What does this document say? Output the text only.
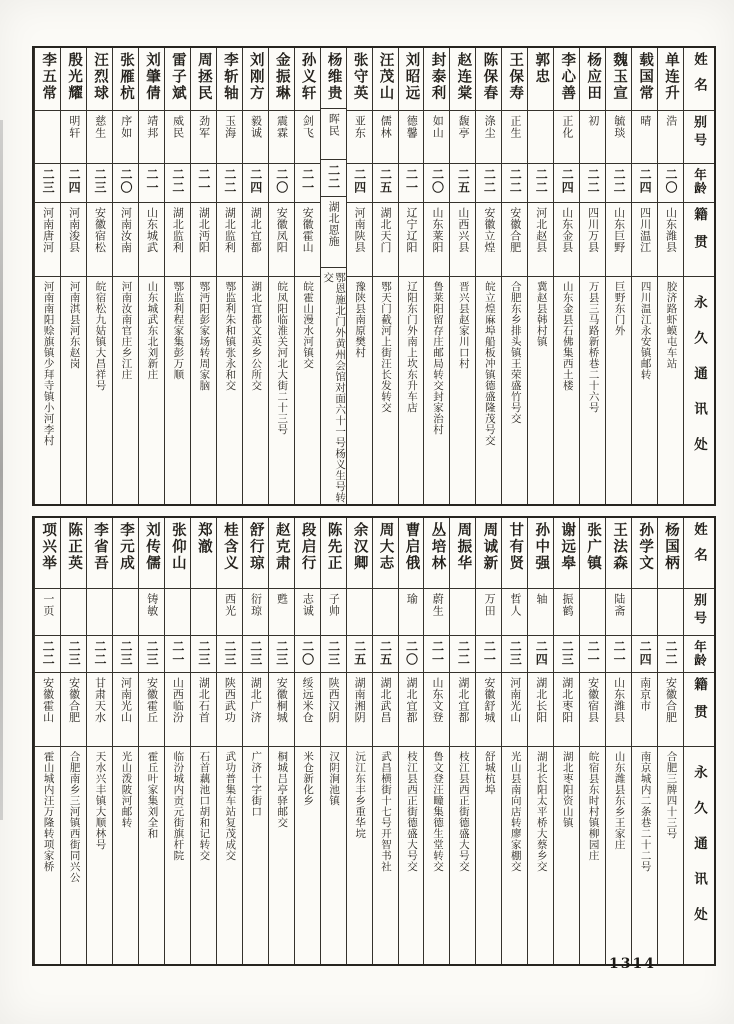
姓名
别号
年龄
籍贯
永久通讯处
单连升
浩
二〇
山东潍县
胶济路虾蟆屯车站
载国常
晴
二四
四川温江
四川温江永安镇邮转
魏玉宣
毓琰
二二
山东巨野
巨野东门外
杨应田
初
二二
四川万县
万县三马路新桥巷二十六号
李心善
正化
二四
山东金县
山东金县石佛集西土楼
郭忠
二二
河北赵县
冀赵县韩村镇
王保寿
正生
二二
安徽合肥
合肥东乡排头镇王荣盛竹号交
陈保春
涤尘
二二
安徽立煌
皖立煌麻埠船板冲镇德盛隆茂号交
赵连棠
馥亭
二五
山西兴县
晋兴县赵家川口村
封泰利
如山
二〇
山东莱阳
鲁莱阳留存庄邮局转交封家治村
刘昭远
德馨
二一
辽宁辽阳
辽阳东门外南上坎东升车店
汪茂山
儒林
二五
湖北天门
鄂天门截河上街汪长发转交
张守英
亚东
二四
河南陕县
豫陕县南原樊村
杨维贵
晖民
二二
湖北恩施
鄂恩施北门外黄州会馆对面六十一号杨义生号转交
孙义轩
剑飞
二一
安徽霍山
皖霍山漫水河镇交
金振琳
震霖
二〇
安徽凤阳
皖凤阳临淮关河北大街二十三号
刘刚方
毅诚
二四
湖北宜都
湖北宜都文英乡公所交
李斩轴
玉海
二二
湖北监利
鄂监利朱和镇张永和交
周拯民
劲军
二一
湖北沔阳
鄂沔阳彭家场转周家脑
雷子斌
威民
二二
湖北监利
鄂监利程家集彭万顺
刘肇倩
靖邦
二一
山东城武
山东城武东北刘新庄
张雁杭
序如
二〇
河南汝南
河南汝南官庄乡江庄
汪烈球
慈生
二三
安徽宿松
皖宿松九姑镇大昌祥号
殷光耀
明轩
二四
河南浚县
河南淇县河东赵岗
李五常
二三
河南唐河
河南南阳赊旗镇少拜寺镇小河李村
姓名
别号
年龄
籍贯
永久通讯处
杨国柄
二二
安徽合肥
合肥三牌四十三号
孙学文
二四
南京市
南京城内二条巷二十二号
王法森
陆斋
二一
山东潍县
山东潍县东乡王家庄
张广镇
二一
安徽宿县
皖宿县东时村镇柳园庄
谢远皋
振鹤
二三
湖北枣阳
湖北枣阳资山镇
孙中强
轴
二四
湖北长阳
湖北长阳太平桥大蔡乡交
甘有贤
哲人
二三
河南光山
光山县南向店转廖家棚交
周诚新
万田
二一
安徽舒城
舒城杭埠
周振华
二二
湖北宜都
枝江县西正街德盛大号交
丛培林
蔚生
二一
山东文登
鲁文登汪疃集德生堂转交
曹启俄
瑜
二〇
湖北宜都
枝江县西正街德盛大号交
周大志
二五
湖北武昌
武昌横街十七号开智书社
余汉卿
二五
湖南湘阴
沅江东丰乡重华垸
陈先正
子帅
二三
陕西汉阴
汉阴涧池镇
段启行
志诚
二〇
绥远米仓
米仓新化乡
赵克肃
甦
二三
安徽桐城
桐城吕亭驿邮交
舒行琼
衍琼
二三
湖北广济
广济十字街口
桂含义
西光
二三
陕西武功
武功普集车站复茂成交
郑澈
二三
湖北石首
石首藕池口胡和记转交
张仰山
二一
山西临汾
临汾城内贡元街旗杆院
刘传儒
铸敏
二三
安徽霍丘
霍丘叶家集刘全和
李元成
二三
河南光山
光山泼陂河邮转
李省吾
二二
甘肃天水
天水兴丰镇大顺林号
陈正英
二三
安徽合肥
合肥南乡三河镇西街同兴公
项兴举
一页
二二
安徽霍山
霍山城内汪万隆转项家桥
1314
